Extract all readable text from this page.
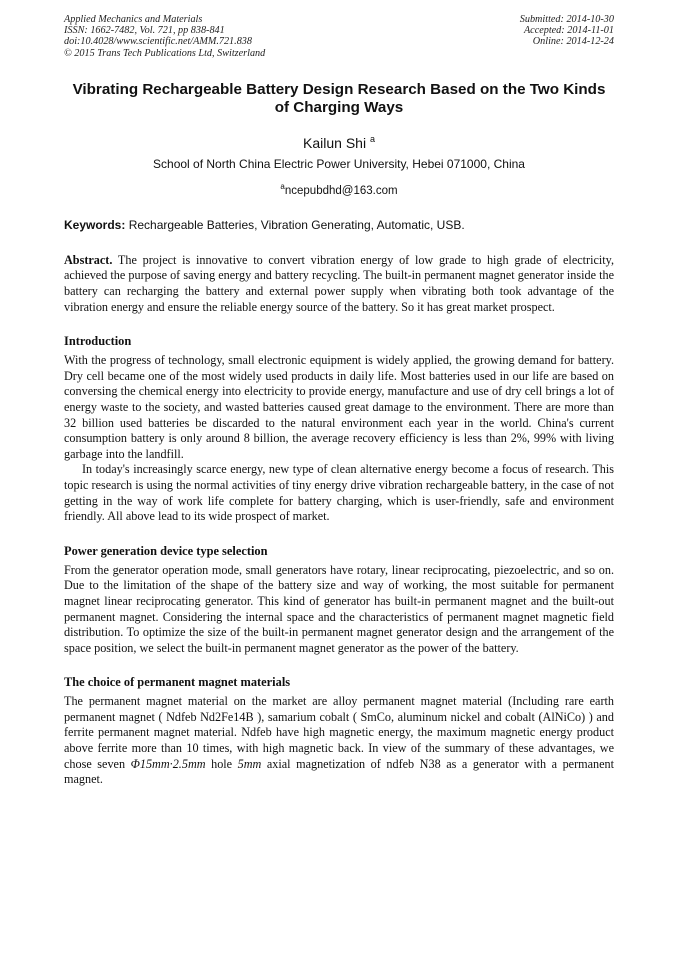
Applied Mechanics and Materials
ISSN: 1662-7482, Vol. 721, pp 838-841
doi:10.4028/www.scientific.net/AMM.721.838
© 2015 Trans Tech Publications Ltd, Switzerland
Submitted: 2014-10-30
Accepted: 2014-11-01
Online: 2014-12-24
Vibrating Rechargeable Battery Design Research Based on the Two Kinds of Charging Ways
Kailun Shi $^a$
School of North China Electric Power University, Hebei 071000, China
$^a$ncepubdhd@163.com
Keywords: Rechargeable Batteries, Vibration Generating, Automatic, USB.
Abstract. The project is innovative to convert vibration energy of low grade to high grade of electricity, achieved the purpose of saving energy and battery recycling. The built-in permanent magnet generator inside the battery can recharging the battery and external power supply when vibrating both took advantage of the vibration energy and ensure the reliable energy source of the battery. So it has great market prospect.
Introduction
With the progress of technology, small electronic equipment is widely applied, the growing demand for battery. Dry cell became one of the most widely used products in daily life. Most batteries used in our life are based on conversing the chemical energy into electricity to provide energy, manufacture and use of dry cell brings a lot of energy waste to the society, and wasted batteries caused great damage to the environment. There are more than 32 billion used batteries be discarded to the natural environment each year in the world. China's current consumption battery is only around 8 billion, the average recovery efficiency is less than 2%, 99% with living garbage into the landfill.
In today's increasingly scarce energy, new type of clean alternative energy become a focus of research. This topic research is using the normal activities of tiny energy drive vibration rechargeable battery, in the case of not getting in the way of work life complete for battery charging, which is user-friendly, safe and environment friendly. All above lead to its wide prospect of market.
Power generation device type selection
From the generator operation mode, small generators have rotary, linear reciprocating, piezoelectric, and so on. Due to the limitation of the shape of the battery size and way of working, the most suitable for permanent magnet linear reciprocating generator. This kind of generator has built-in permanent magnet and the built-out permanent magnet. Considering the internal space and the characteristics of permanent magnet magnetic field distribution. To optimize the size of the built-in permanent magnet generator design and the arrangement of the space position, we select the built-in permanent magnet generator as the power of the battery.
The choice of permanent magnet materials
The permanent magnet material on the market are alloy permanent magnet material (Including rare earth permanent magnet ( Ndfeb Nd2Fe14B ), samarium cobalt ( SmCo, aluminum nickel and cobalt (AlNiCo) ) and ferrite permanent magnet material. Ndfeb have high magnetic energy, the maximum magnetic energy product above ferrite more than 10 times, with high magnetic back. In view of the summary of these advantages, we chose seven Φ15mm·2.5mm hole 5mm axial magnetization of ndfeb N38 as a generator with a permanent magnet.
